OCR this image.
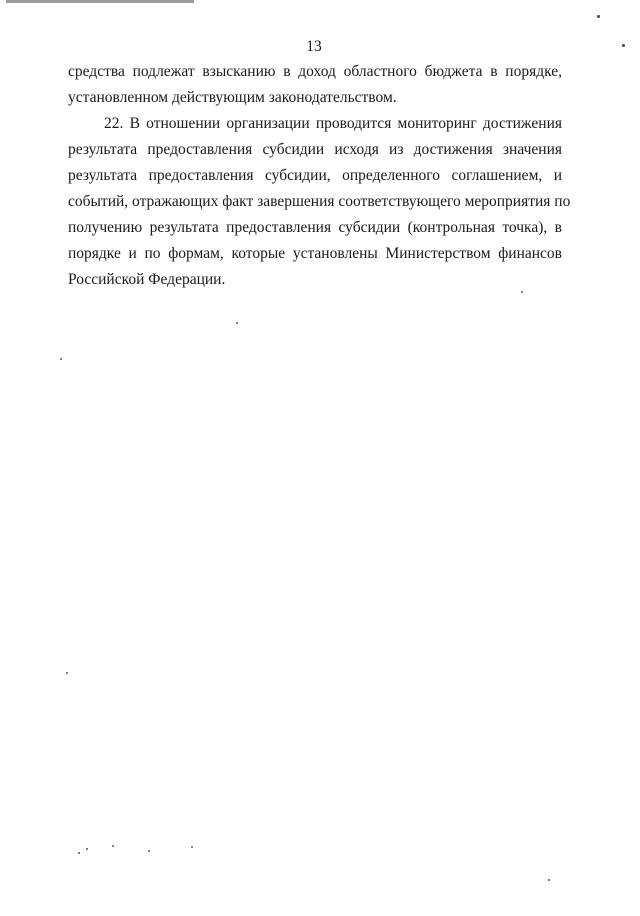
13
средства подлежат взысканию в доход областного бюджета в порядке,
установленном действующим законодательством.
22. В отношении организации проводится мониторинг достижения
результата предоставления субсидии исходя из достижения значения
результата предоставления субсидии, определенного соглашением, и
событий, отражающих факт завершения соответствующего мероприятия по
получению результата предоставления субсидии (контрольная точка), в
порядке и по формам, которые установлены Министерством финансов
Российской Федерации.
